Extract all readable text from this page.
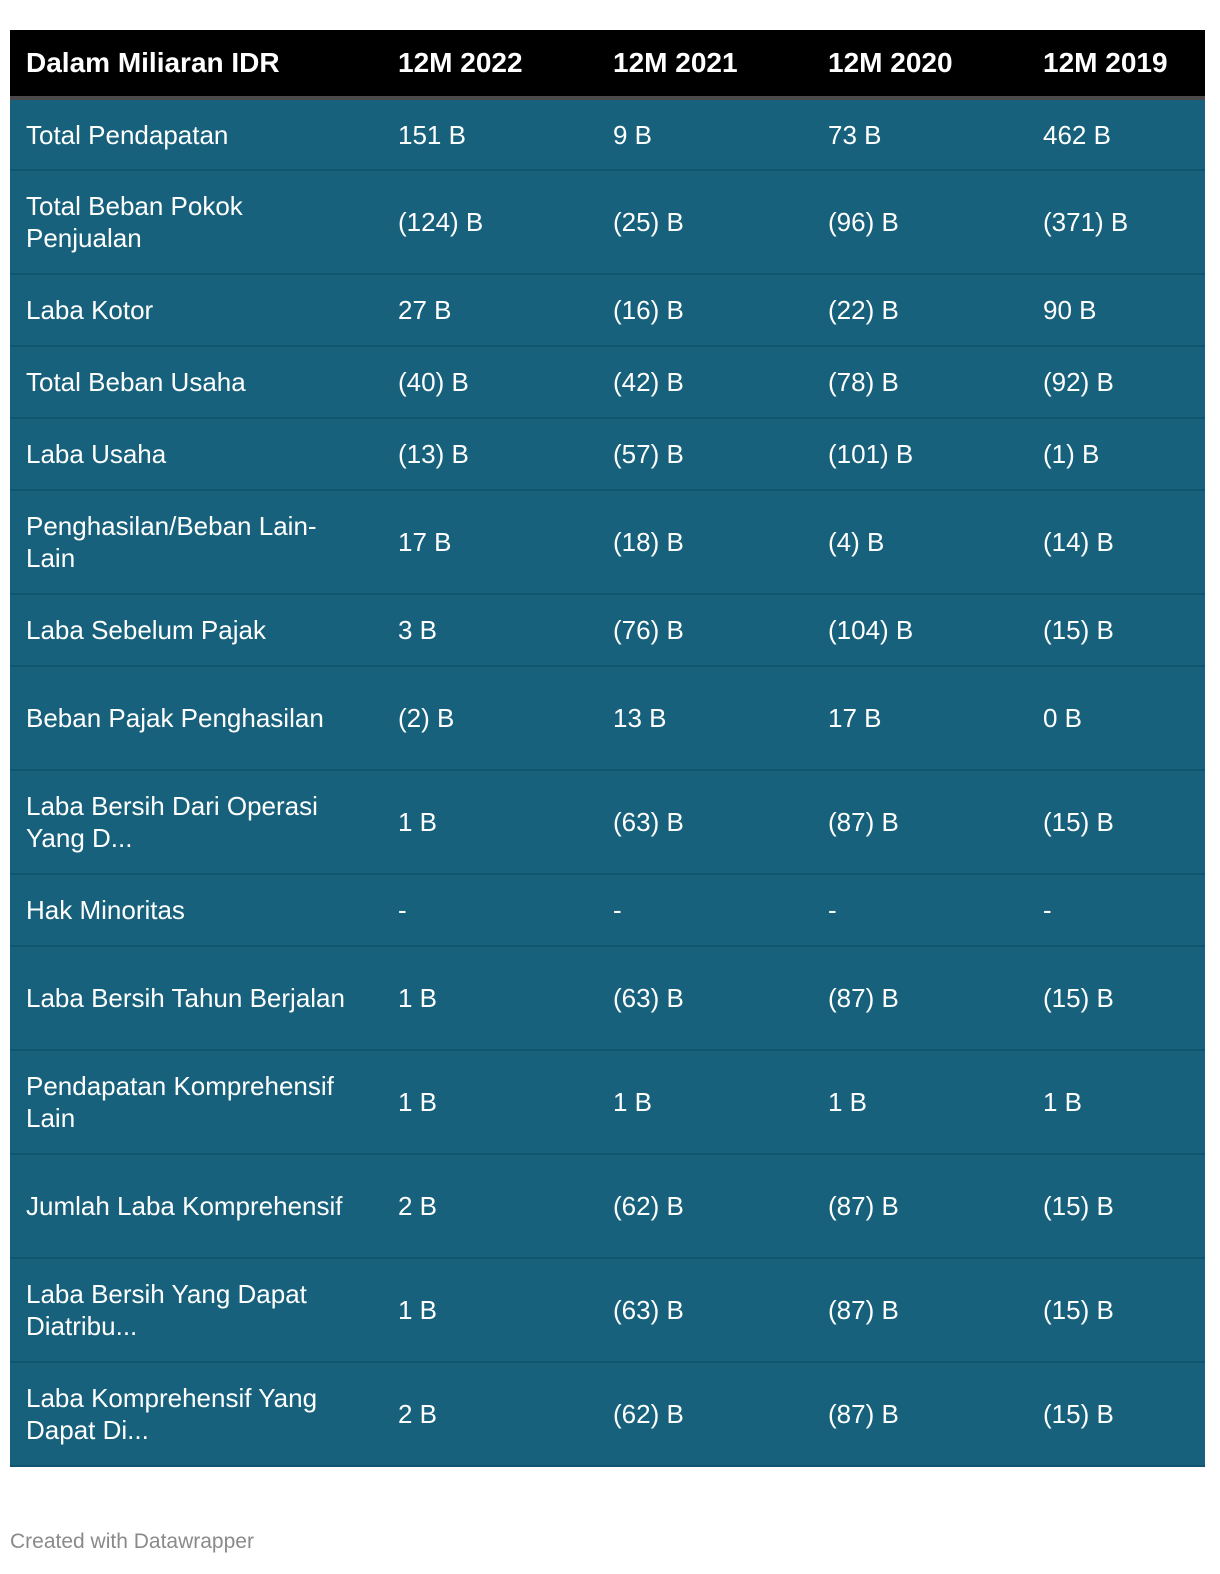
Dalam Miliaran IDR	12M 2022	12M 2021	12M 2020	12M 2019
Total Pendapatan	151 B	9 B	73 B	462 B
Total Beban Pokok Penjualan	(124) B	(25) B	(96) B	(371) B
Laba Kotor	27 B	(16) B	(22) B	90 B
Total Beban Usaha	(40) B	(42) B	(78) B	(92) B
Laba Usaha	(13) B	(57) B	(101) B	(1) B
Penghasilan/Beban Lain-Lain	17 B	(18) B	(4) B	(14) B
Laba Sebelum Pajak	3 B	(76) B	(104) B	(15) B
Beban Pajak Penghasilan	(2) B	13 B	17 B	0 B
Laba Bersih Dari Operasi Yang D...	1 B	(63) B	(87) B	(15) B
Hak Minoritas	-	-	-	-
Laba Bersih Tahun Berjalan	1 B	(63) B	(87) B	(15) B
Pendapatan Komprehensif Lain	1 B	1 B	1 B	1 B
Jumlah Laba Komprehensif	2 B	(62) B	(87) B	(15) B
Laba Bersih Yang Dapat Diatribu...	1 B	(63) B	(87) B	(15) B
Laba Komprehensif Yang Dapat Di...	2 B	(62) B	(87) B	(15) B
Created with Datawrapper
